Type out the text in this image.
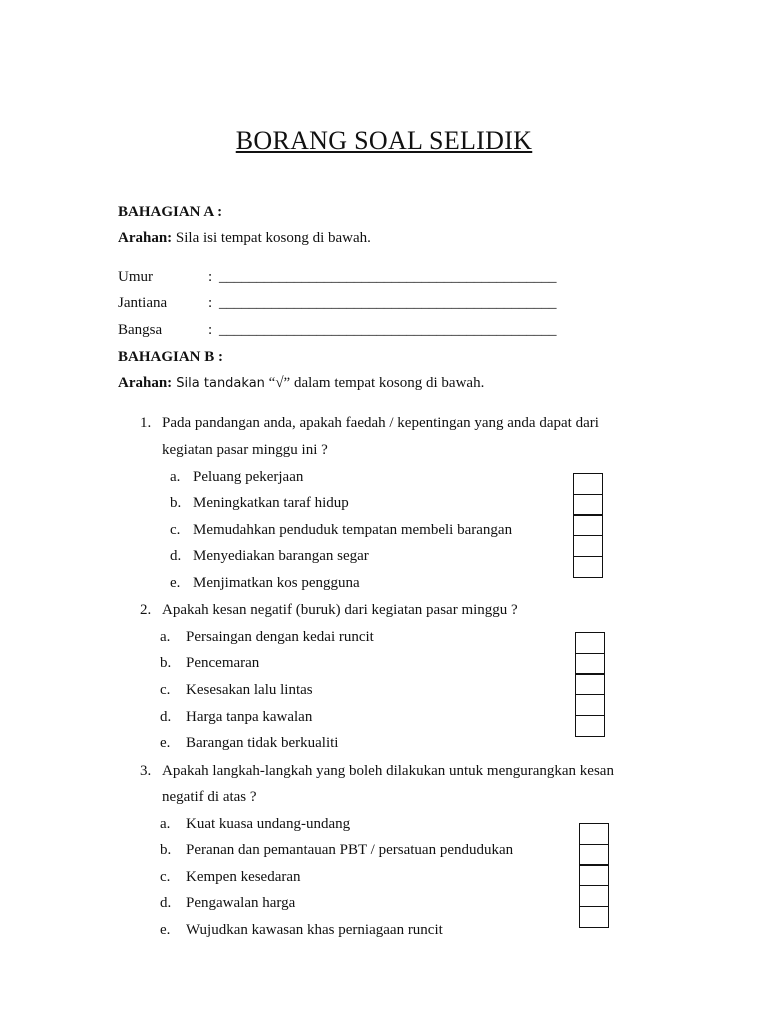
BORANG SOAL SELIDIK
BAHAGIAN A :
Arahan: Sila isi tempat kosong di bawah.
Umur	: _____________________________________________
Jantiana	: _____________________________________________
Bangsa	: _____________________________________________
BAHAGIAN B :
Arahan: Sila tandakan “√” dalam tempat kosong di bawah.
1. Pada pandangan anda, apakah faedah / kepentingan yang anda dapat dari
kegiatan pasar minggu ini ?
a. Peluang pekerjaan
b. Meningkatkan taraf hidup
c. Memudahkan penduduk tempatan membeli barangan
d. Menyediakan barangan segar
e. Menjimatkan kos pengguna
2. Apakah kesan negatif (buruk) dari kegiatan pasar minggu ?
a. Persaingan dengan kedai runcit
b. Pencemaran
c. Kesesakan lalu lintas
d. Harga tanpa kawalan
e. Barangan tidak berkualiti
3. Apakah langkah-langkah yang boleh dilakukan untuk mengurangkan kesan
negatif di atas ?
a. Kuat kuasa undang-undang
b. Peranan dan pemantauan PBT / persatuan pendudukan
c. Kempen kesedaran
d. Pengawalan harga
e. Wujudkan kawasan khas perniagaan runcit
